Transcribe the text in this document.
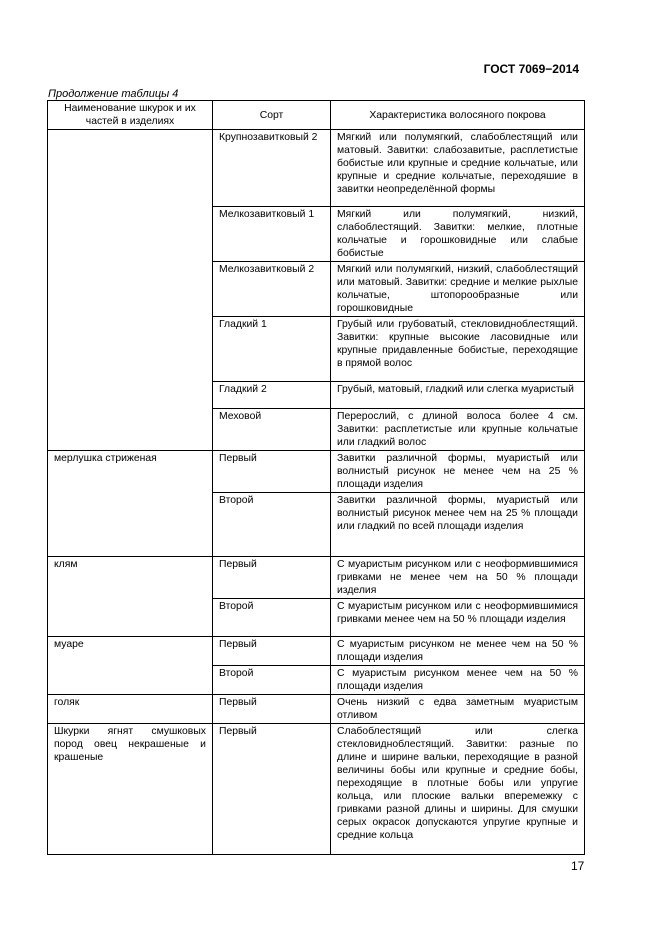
ГОСТ 7069−2014
Продолжение таблицы 4
Наименование шкурок и их частей в изделиях	Сорт	Характеристика волосяного покрова
	Крупнозавитковый 2	Мягкий или полумягкий, слабоблестящий или матовый. Завитки: слабозавитые, расплетистые бобистые или крупные и средние кольчатые, или крупные и средние кольчатые, переходяшие в завитки неопределённой формы
	Мелкозавитковый 1	Мягкий или полумягкий, низкий, слабоблестящий. Завитки: мелкие, плотные кольчатые и горошковидные или слабые бобистые
	Мелкозавитковый 2	Мягкий или полумягкий, низкий, слабоблестящий или матовый. Завитки: средние и мелкие рыхлые кольчатые, штопорообразные или горошковидные
	Гладкий 1	Грубый или грубоватый, стекловидноблестящий. Завитки: крупные высокие ласовидные или крупные придавленные бобистые, переходящие в прямой волос
	Гладкий 2	Грубый, матовый, гладкий или слегка муаристый
	Меховой	Перерослий, с длиной волоса более 4 см. Завитки: расплетистые или крупные кольчатые или гладкий волос
мерлушка стриженая	Первый	Завитки различной формы, муаристый или волнистый рисунок не менее чем на 25 % площади изделия
	Второй	Завитки различной формы, муаристый или волнистый рисунок менее чем на 25 % площади или гладкий по всей площади изделия
клям	Первый	С муаристым рисунком или с неоформившимися гривками не менее чем на 50 % площади изделия
	Второй	С муаристым рисунком или с неоформившимися гривками менее чем на 50 % площади изделия
муаре	Первый	С муаристым рисунком не менее чем на 50 % площади изделия
	Второй	С муаристым рисунком менее чем на 50 % площади изделия
голяк	Первый	Очень низкий с едва заметным муаристым отливом
Шкурки ягнят смушковых пород овец некрашеные и крашеные	Первый	Слабоблестящий или слегка стекловидноблестящий. Завитки: разные по длине и ширине вальки, переходящие в разной величины бобы или крупные и средние бобы, переходящие в плотные бобы или упругие кольца, или плоские вальки вперемежку с гривками разной длины и ширины. Для смушки серых окрасок допускаются упругие крупные и средние кольца
17
